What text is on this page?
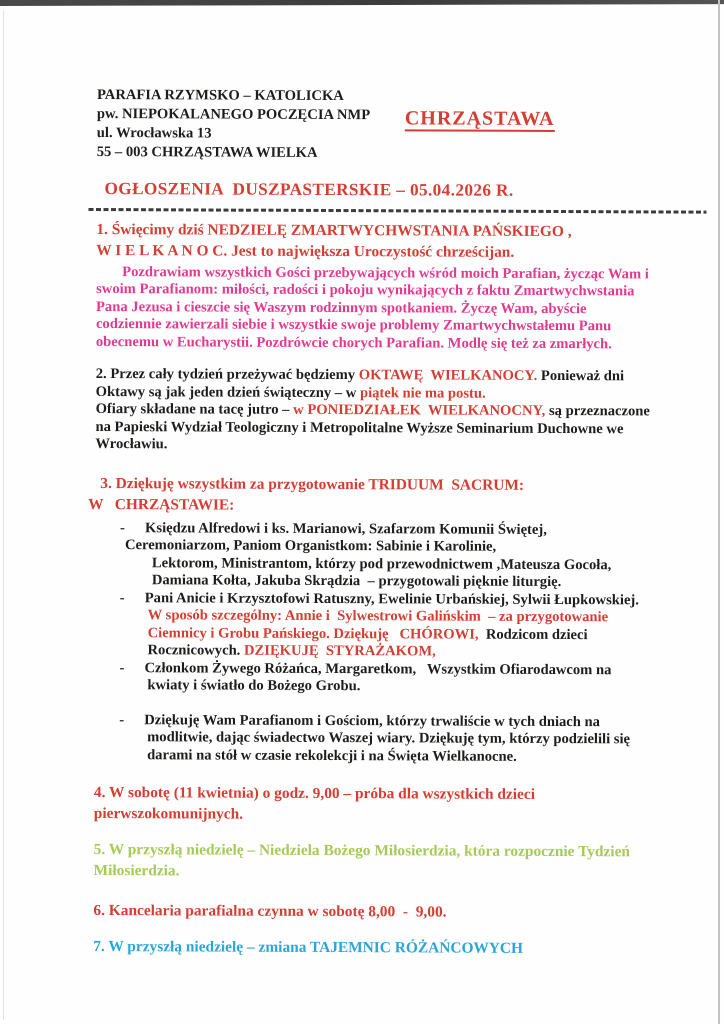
PARAFIA RZYMSKO – KATOLICKA
pw. NIEPOKALANEGO POCZĘCIA NMP
ul. Wrocławska 13
55 – 003 CHRZĄSTAWA WIELKA
CHRZĄSTAWA
OGŁOSZENIA  DUSZPASTERSKIE – 05.04.2026 R.
1. Święcimy dziś NEDZIELĘ ZMARTWYCHWSTANIA PAŃSKIEGO ,
W I E L K A N O C. Jest to największa Uroczystość chrześcijan.
Pozdrawiam wszystkich Gości przebywających wśród moich Parafian, życząc Wam i swoim Parafianom: miłości, radości i pokoju wynikających z faktu Zmartwychwstania Pana Jezusa i cieszcie się Waszym rodzinnym spotkaniem. Życzę Wam, abyście codziennie zawierzali siebie i wszystkie swoje problemy Zmartwychwstałemu Panu obecnemu w Eucharystii. Pozdrówcie chorych Parafian. Modlę się też za zmarłych.
2. Przez cały tydzień przeżywać będziemy OKTAWĘ  WIELKANOCY. Ponieważ dni Oktawy są jak jeden dzień świąteczny – w piątek nie ma postu.
Ofiary składane na tacę jutro – w PONIEDZIAŁEK  WIELKANOCNY, są przeznaczone na Papieski Wydział Teologiczny i Metropolitalne Wyższe Seminarium Duchowne we Wrocławiu.
3. Dziękuję wszystkim za przygotowanie TRIDUUM  SACRUM:
W   CHRZĄSTAWIE:
- Księdzu Alfredowi i ks. Marianowi, Szafarzom Komunii Świętej,
Ceremoniarzom, Paniom Organistkom: Sabinie i Karolinie,
Lektorom, Ministrantom, którzy pod przewodnictwem ,Mateusza Gocoła,
Damiana Kołta, Jakuba Skrądzia  – przygotowali pięknie liturgię.
- Pani Anicie i Krzysztofowi Ratuszny, Ewelinie Urbańskiej, Sylwii Łupkowskiej.
W sposób szczególny: Annie i  Sylwestrowi Galińskim  – za przygotowanie
Ciemnicy i Grobu Pańskiego. Dziękuję   CHÓROWI,  Rodzicom dzieci
Rocznicowych. DZIĘKUJĘ  STYRAŻAKOM,
- Członkom Żywego Różańca, Margaretkom,   Wszystkim Ofiarodawcom na
kwiaty i światło do Bożego Grobu.
- Dziękuję Wam Parafianom i Gościom, którzy trwaliście w tych dniach na
modlitwie, dając świadectwo Waszej wiary. Dziękuję tym, którzy podzielili się
darami na stół w czasie rekolekcji i na Święta Wielkanocne.
4. W sobotę (11 kwietnia) o godz. 9,00 – próba dla wszystkich dzieci pierwszokomunijnych.
5. W przyszłą niedzielę – Niedziela Bożego Miłosierdzia, która rozpocznie Tydzień Miłosierdzia.
6. Kancelaria parafialna czynna w sobotę 8,00  -  9,00.
7. W przyszłą niedzielę – zmiana TAJEMNIC RÓŻAŃCOWYCH
